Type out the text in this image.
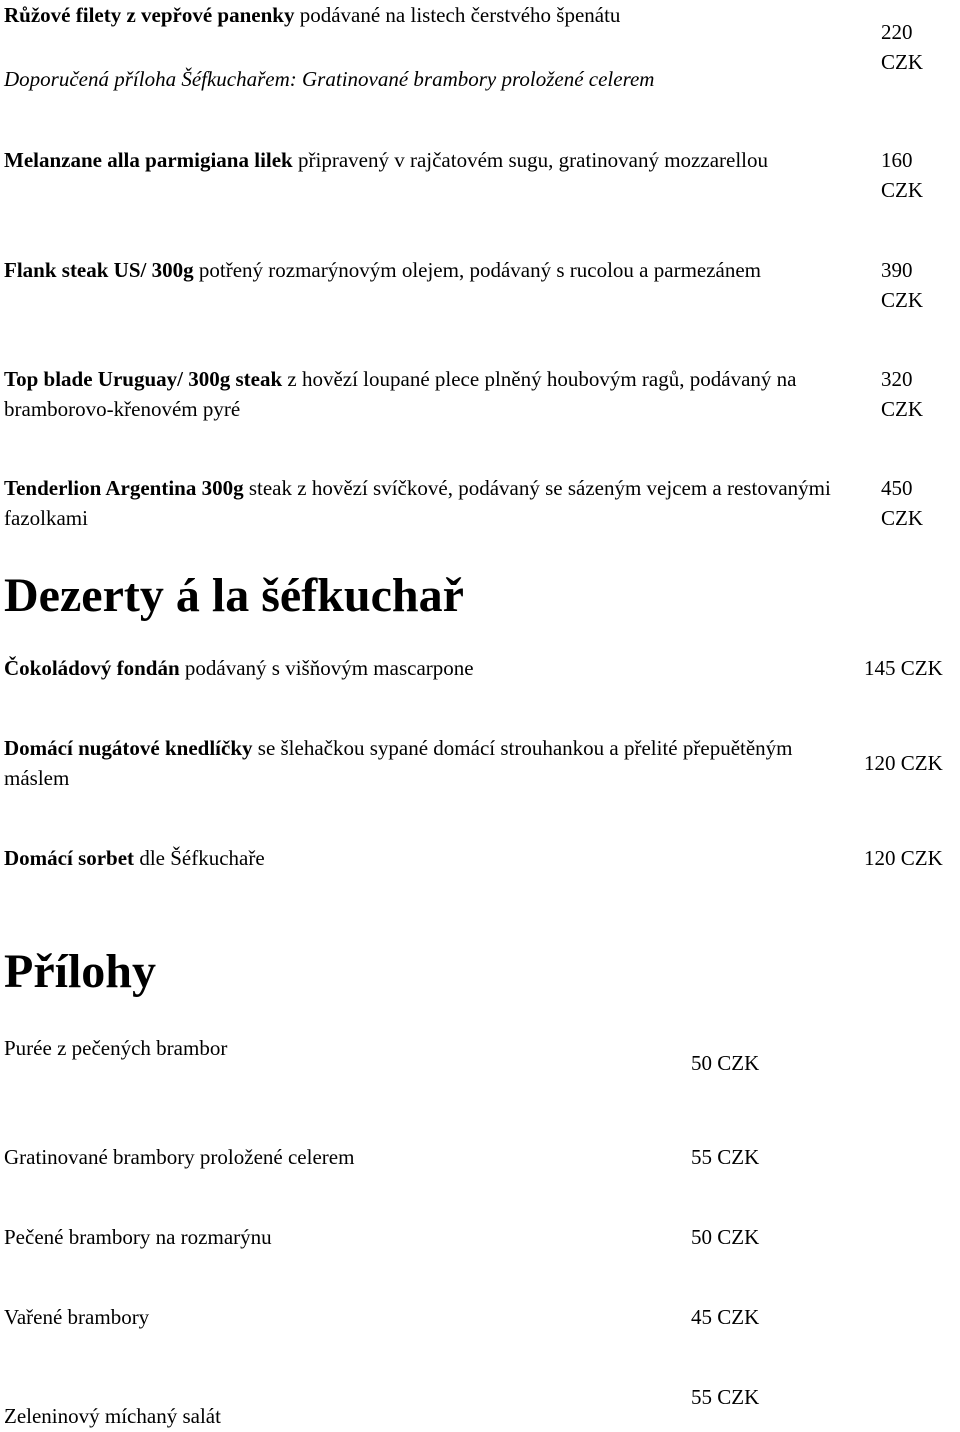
Růžové filety z vepřové panenky podávané na listech čerstvého špenátu
Doporučená příloha Šéfkuchařem: Gratinované brambory proložené celerem
220
CZK
Melanzane alla parmigiana lilek připravený v rajčatovém sugu, gratinovaný mozzarellou	160
CZK
Flank steak US/ 300g potřený rozmarýnovým olejem, podávaný s rucolou a parmezánem	390
CZK
Top blade Uruguay/ 300g steak z hovězí loupané plece plněný houbovým ragů, podávaný na bramborovo-křenovém pyré
320
CZK
Tenderlion Argentina 300g steak z hovězí svíčkové, podávaný se sázeným vejcem a restovanými fazolkami
450
CZK
Dezerty á la šéfkuchař
Čokoládový fondán podávaný s višňovým mascarpone	145 CZK
Domácí nugátové knedlíčky se šlehačkou sypané domácí strouhankou a přelité přepuětěným máslem
120 CZK
Domácí sorbet dle Šéfkuchaře	120 CZK
Přílohy
Purée z pečených brambor
50 CZK
Gratinované brambory proložené celerem	55 CZK
Pečené brambory na rozmarýnu	50 CZK
Vařené brambory	45 CZK
Zeleninový míchaný salát
55 CZK
